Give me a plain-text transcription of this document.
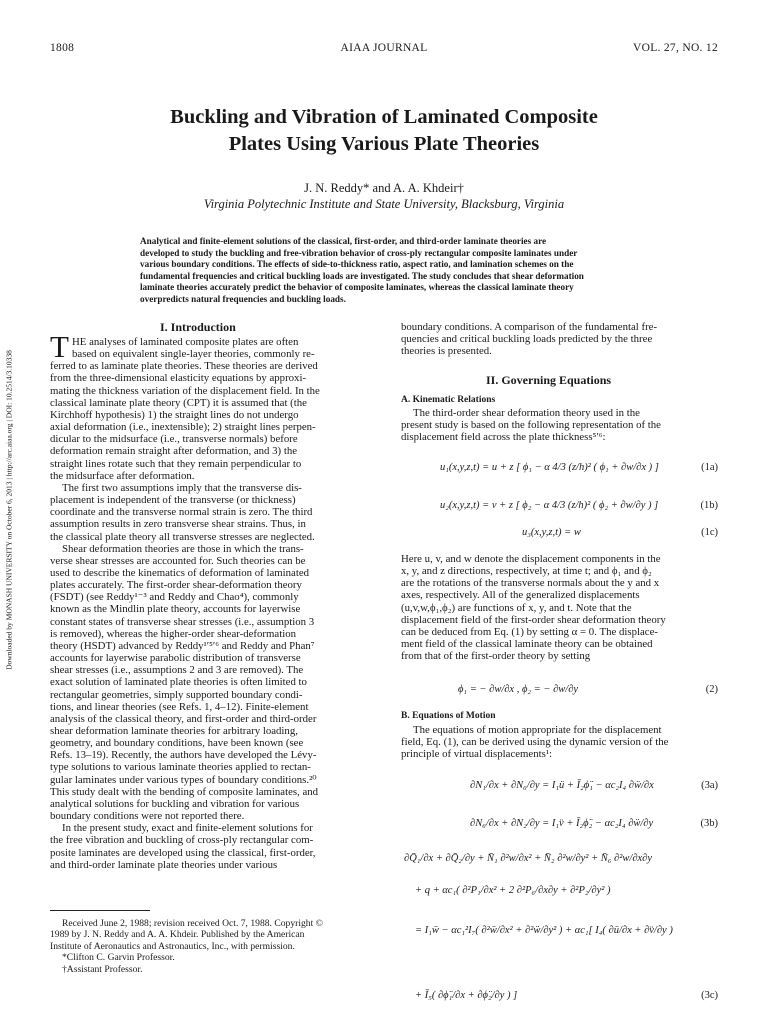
1808	AIAA JOURNAL	VOL. 27, NO. 12
Downloaded by MONASH UNIVERSITY on October 6, 2013 | http://arc.aiaa.org | DOI: 10.2514/3.10338
Buckling and Vibration of Laminated Composite
Plates Using Various Plate Theories
J. N. Reddy* and A. A. Khdeir†
Virginia Polytechnic Institute and State University, Blacksburg, Virginia
Analytical and finite-element solutions of the classical, first-order, and third-order laminate theories are
developed to study the buckling and free-vibration behavior of cross-ply rectangular composite laminates under
various boundary conditions. The effects of side-to-thickness ratio, aspect ratio, and lamination schemes on the
fundamental frequencies and critical buckling loads are investigated. The study concludes that shear deformation
laminate theories accurately predict the behavior of composite laminates, whereas the classical laminate theory
overpredicts natural frequencies and buckling loads.
I. Introduction
T HE analyses of laminated composite plates are often
based on equivalent single-layer theories, commonly re-
ferred to as laminate plate theories. These theories are derived
from the three-dimensional elasticity equations by approxi-
mating the thickness variation of the displacement field. In the
classical laminate plate theory (CPT) it is assumed that (the
Kirchhoff hypothesis) 1) the straight lines do not undergo
axial deformation (i.e., inextensible); 2) straight lines perpen-
dicular to the midsurface (i.e., transverse normals) before
deformation remain straight after deformation, and 3) the
straight lines rotate such that they remain perpendicular to
the midsurface after deformation.
The first two assumptions imply that the transverse dis-
placement is independent of the transverse (or thickness)
coordinate and the transverse normal strain is zero. The third
assumption results in zero transverse shear strains. Thus, in
the classical plate theory all transverse stresses are neglected.
Shear deformation theories are those in which the trans-
verse shear stresses are accounted for. Such theories can be
used to describe the kinematics of deformation of laminated
plates accurately. The first-order shear-deformation theory
(FSDT) (see Reddy¹⁻³ and Reddy and Chao⁴), commonly
known as the Mindlin plate theory, accounts for layerwise
constant states of transverse shear stresses (i.e., assumption 3
is removed), whereas the higher-order shear-deformation
theory (HSDT) advanced by Reddy¹ʹ⁵ʹ⁶ and Reddy and Phan⁷
accounts for layerwise parabolic distribution of transverse
shear stresses (i.e., assumptions 2 and 3 are removed). The
exact solution of laminated plate theories is often limited to
rectangular geometries, simply supported boundary condi-
tions, and linear theories (see Refs. 1, 4–12). Finite-element
analysis of the classical theory, and first-order and third-order
shear deformation laminate theories for arbitrary loading,
geometry, and boundary conditions, have been known (see
Refs. 13–19). Recently, the authors have developed the Lévy-
type solutions to various laminate theories applied to rectan-
gular laminates under various types of boundary conditions.²⁰
This study dealt with the bending of composite laminates, and
analytical solutions for buckling and vibration for various
boundary conditions were not reported there.
In the present study, exact and finite-element solutions for
the free vibration and buckling of cross-ply rectangular com-
posite laminates are developed using the classical, first-order,
and third-order laminate plate theories under various
Received June 2, 1988; revision received Oct. 7, 1988. Copyright ©
1989 by J. N. Reddy and A. A. Khdeir. Published by the American
Institute of Aeronautics and Astronautics, Inc., with permission.
*Clifton C. Garvin Professor.
†Assistant Professor.
boundary conditions. A comparison of the fundamental fre-
quencies and critical buckling loads predicted by the three
theories is presented.
II. Governing Equations
A. Kinematic Relations
The third-order shear deformation theory used in the
present study is based on the following representation of the
displacement field across the plate thickness⁵ʹ⁶:
u₁(x,y,z,t) = u + z [ ϕ₁ − α 4/3 (z/h)² ( ϕ₁ + ∂w/∂x ) ]	(1a)
u₂(x,y,z,t) = v + z [ ϕ₂ − α 4/3 (z/h)² ( ϕ₂ + ∂w/∂y ) ]	(1b)
u₃(x,y,z,t) = w	(1c)
Here u, v, and w denote the displacement components in the
x, y, and z directions, respectively, at time t; and ϕ₁ and ϕ₂
are the rotations of the transverse normals about the y and x
axes, respectively. All of the generalized displacements
(u,v,w,ϕ₁,ϕ₂) are functions of x, y, and t. Note that the
displacement field of the first-order shear deformation theory
can be deduced from Eq. (1) by setting α = 0. The displace-
ment field of the classical laminate theory can be obtained
from that of the first-order theory by setting
ϕ₁ = − ∂w/∂x , ϕ₂ = − ∂w/∂y	(2)
B. Equations of Motion
The equations of motion appropriate for the displacement
field, Eq. (1), can be derived using the dynamic version of the
principle of virtual displacements¹:
∂N₁/∂x + ∂N₆/∂y = I₁ü + Ī₂ϕ̈₁ − αc₂I₄ ∂ẅ/∂x	(3a)
∂N₆/∂x + ∂N₂/∂y = I₁v̈ + Ī₂ϕ̈₂ − αc₂I₄ ∂ẅ/∂y	(3b)
∂Q̄₁/∂x + ∂Q̄₂/∂y + N̄₁ ∂²w/∂x² + N̄₂ ∂²w/∂y² + N̄₆ ∂²w/∂x∂y
+ q + αc₁( ∂²P₁/∂x² + 2 ∂²P₆/∂x∂y + ∂²P₂/∂y² )
= I₁ẅ − αc₁²I₇( ∂²ẅ/∂x² + ∂²ẅ/∂y² ) + αc₁[ I₄( ∂ü/∂x + ∂v̈/∂y )
+ Ī₅( ∂ϕ̈₁/∂x + ∂ϕ̈₂/∂y ) ]	(3c)
